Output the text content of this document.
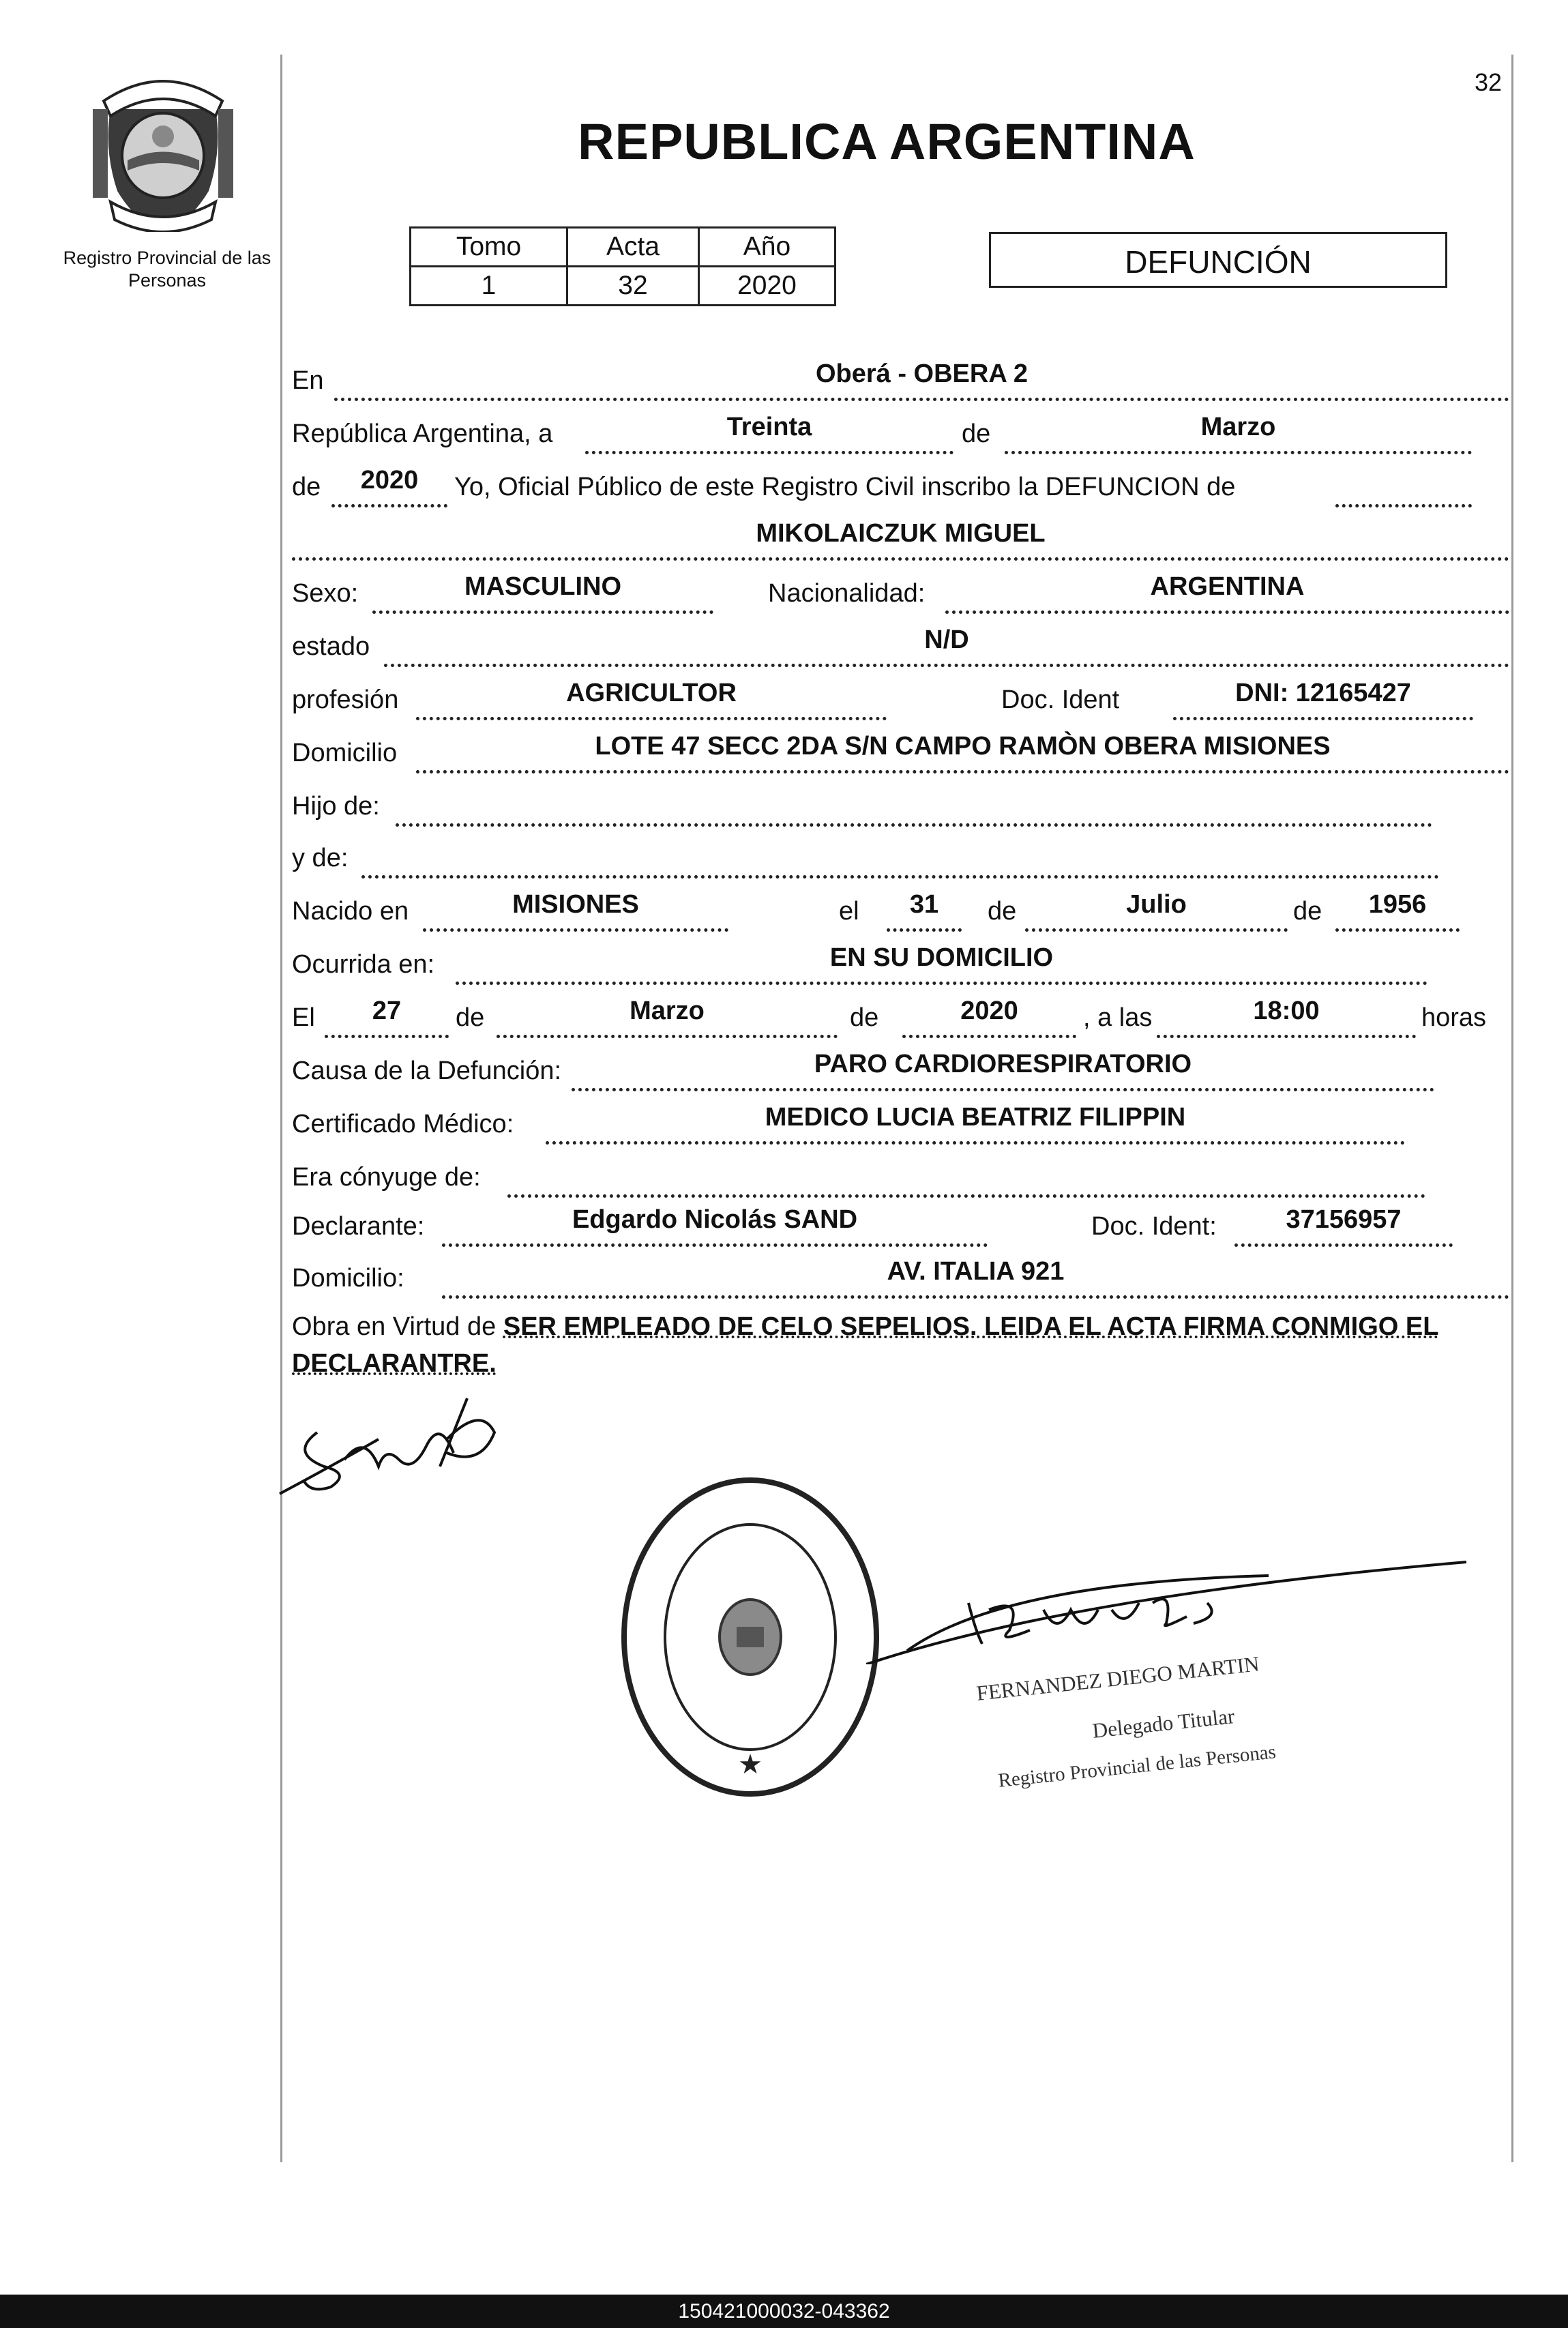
32
Registro Provincial de las Personas
REPUBLICA ARGENTINA
Tomo	Acta	Año
1	32	2020
DEFUNCIÓN
En	Oberá - OBERA 2
República Argentina, a	Treinta	de	Marzo
de	2020	Yo, Oficial Público de este Registro Civil inscribo la DEFUNCION de
MIKOLAICZUK MIGUEL
Sexo:	MASCULINO	Nacionalidad:	ARGENTINA
estado	N/D
profesión	AGRICULTOR	Doc. Ident	DNI: 12165427
Domicilio	LOTE 47 SECC 2DA S/N CAMPO RAMÒN OBERA MISIONES
Hijo de:
y de:
Nacido en	MISIONES	el	31	de	Julio	de	1956
Ocurrida en:	EN SU DOMICILIO
El	27	de	Marzo	de	2020	, a las	18:00	horas
Causa de la Defunción:	PARO CARDIORESPIRATORIO
Certificado Médico:	MEDICO LUCIA BEATRIZ FILIPPIN
Era cónyuge de:
Declarante:	Edgardo Nicolás SAND	Doc. Ident:	37156957
Domicilio:	AV. ITALIA 921
Obra en Virtud de SER EMPLEADO DE CELO SEPELIOS. LEIDA EL ACTA FIRMA CONMIGO EL DECLARANTRE.
★
FERNANDEZ DIEGO MARTIN
Delegado Titular
Registro Provincial de las Personas
150421000032-043362
